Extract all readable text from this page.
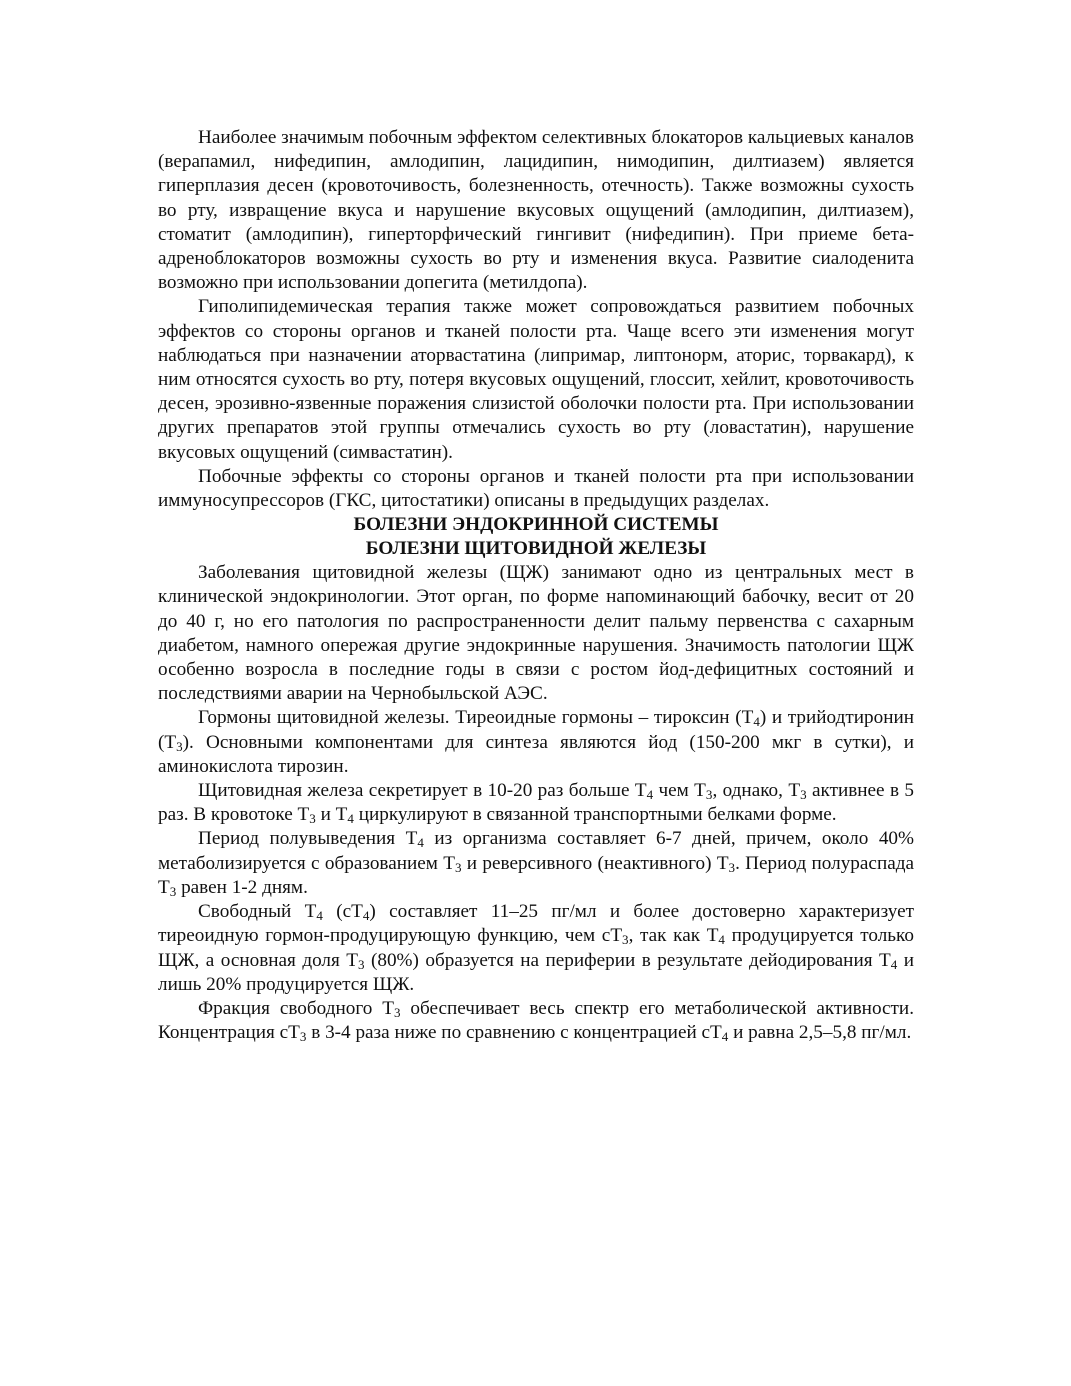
Наиболее значимым побочным эффектом селективных блокаторов кальциевых каналов (верапамил, нифедипин, амлодипин, лацидипин, нимодипин, дилтиазем) является гиперплазия десен (кровоточивость, болезненность, отечность). Также возможны сухость во рту, извращение вкуса и нарушение вкусовых ощущений (амлодипин, дилтиазем), стоматит (амлодипин), гиперторфический гингивит (нифедипин). При приеме бета-адреноблокаторов возможны сухость во рту и изменения вкуса. Развитие сиалоденита возможно при использовании допегита (метилдопа).

Гиполипидемическая терапия также может сопровождаться развитием побочных эффектов со стороны органов и тканей полости рта. Чаще всего эти изменения могут наблюдаться при назначении аторвастатина (липримар, липтонорм, аторис, торвакард), к ним относятся сухость во рту, потеря вкусовых ощущений, глоссит, хейлит, кровоточивость десен, эрозивно-язвенные поражения слизистой оболочки полости рта. При использовании других препаратов этой группы отмечались сухость во рту (ловастатин), нарушение вкусовых ощущений (симвастатин).

Побочные эффекты со стороны органов и тканей полости рта при использовании иммуносупрессоров (ГКС, цитостатики) описаны в предыдущих разделах.

БОЛЕЗНИ ЭНДОКРИННОЙ СИСТЕМЫ
БОЛЕЗНИ ЩИТОВИДНОЙ ЖЕЛЕЗЫ

Заболевания щитовидной железы (ЩЖ) занимают одно из центральных мест в клинической эндокринологии. Этот орган, по форме напоминающий бабочку, весит от 20 до 40 г, но его патология по распространенности делит пальму первенства с сахарным диабетом, намного опережая другие эндокринные нарушения. Значимость патологии ЩЖ особенно возросла в последние годы в связи с ростом йод-дефицитных состояний и последствиями аварии на Чернобыльской АЭС.

Гормоны щитовидной железы. Тиреоидные гормоны – тироксин $(Т_4)$ и трийодтиронин $(Т_3)$. Основными компонентами для синтеза являются йод (150-200 мкг в сутки), и аминокислота тирозин.

Щитовидная железа секретирует в 10-20 раз больше $Т_4$ чем $Т_3$, однако, $Т_3$ активнее в 5 раз. В кровотоке $Т_3$ и $Т_4$ циркулируют в связанной транспортными белками форме.

Период полувыведения $Т_4$ из организма составляет 6-7 дней, причем, около 40% метаболизируется с образованием $Т_3$ и реверсивного (неактивного) $Т_3$. Период полураспада $Т_3$ равен 1-2 дням.

Свободный $Т_4$ $(сТ_4)$ составляет 11–25 пг/мл и более достоверно характеризует тиреоидную гормон-продуцирующую функцию, чем $сТ_3$, так как $Т_4$ продуцируется только ЩЖ, а основная доля $Т_3$ (80%) образуется на периферии в результате дейодирования $Т_4$ и лишь 20% продуцируется ЩЖ.

Фракция свободного $Т_3$ обеспечивает весь спектр его метаболической активности. Концентрация $сТ_3$ в 3-4 раза ниже по сравнению с концентрацией $сТ_4$ и равна 2,5–5,8 пг/мл.
